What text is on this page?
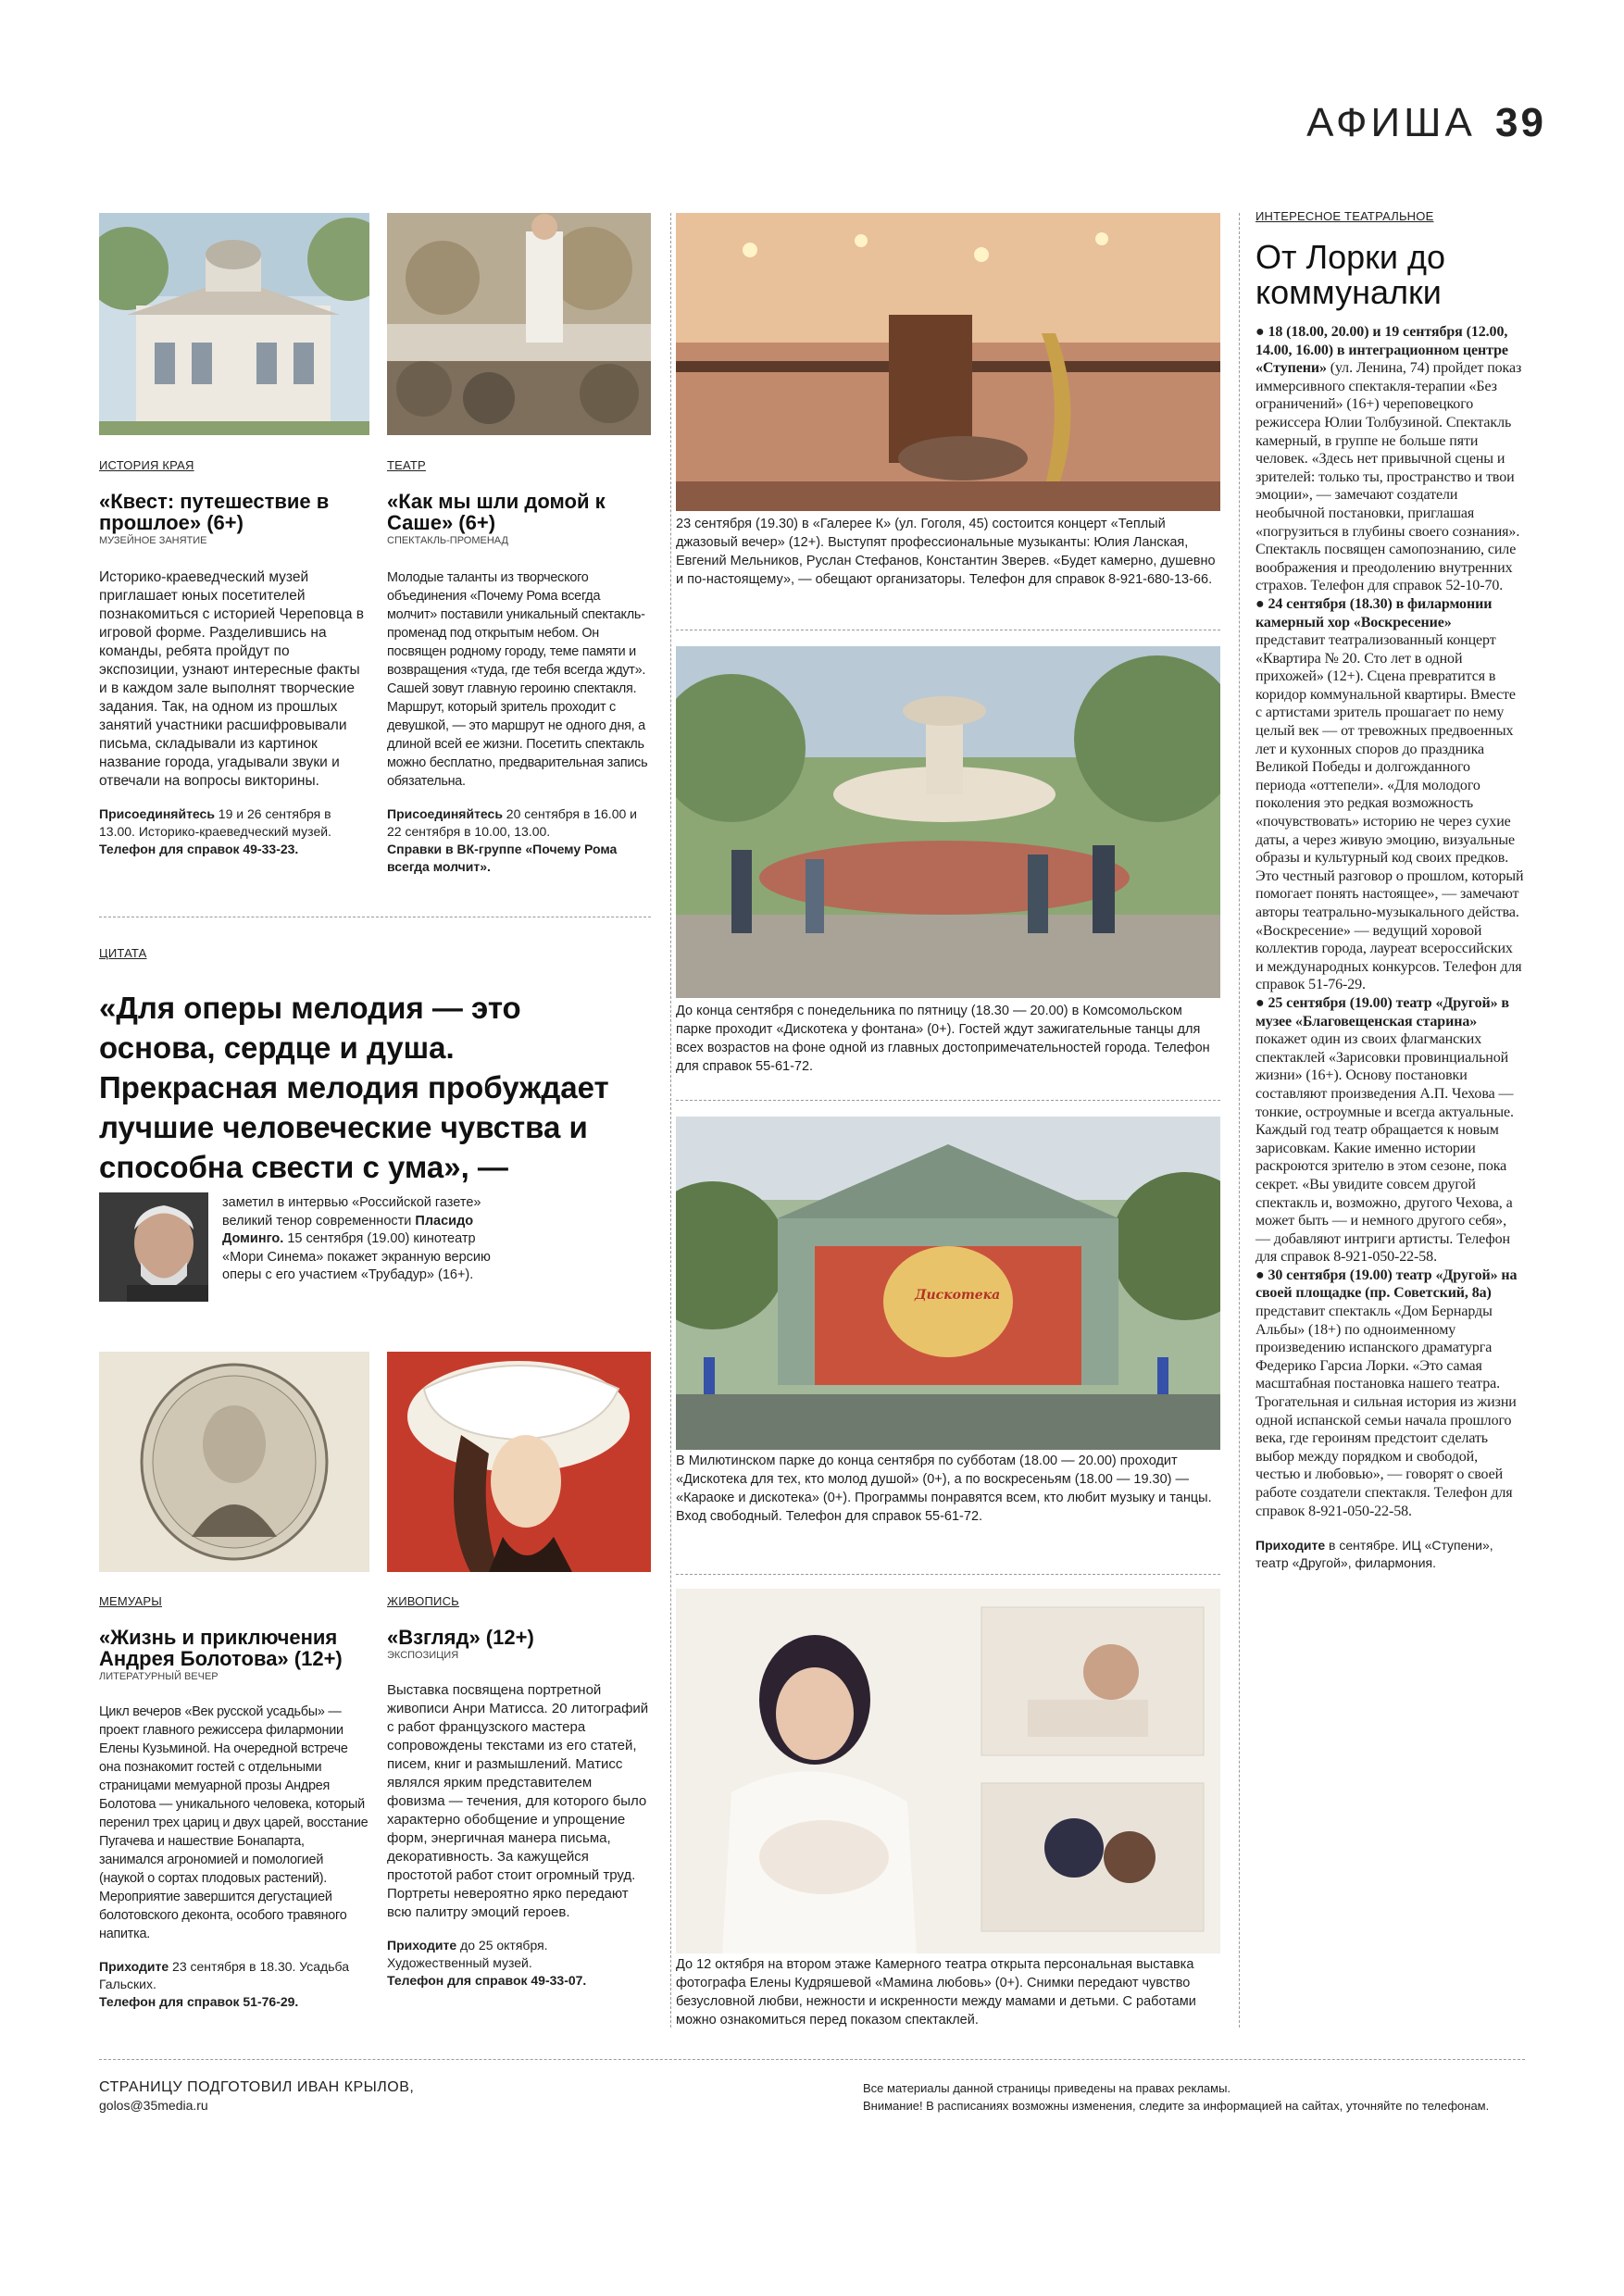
АФИША 39
ИСТОРИЯ КРАЯ
«Квест: путешествие в прошлое» (6+)
МУЗЕЙНОЕ ЗАНЯТИЕ
Историко-краеведческий музей приглашает юных посетителей познакомиться с историей Череповца в игровой форме. Разделившись на команды, ребята пройдут по экспозиции, узнают интересные факты и в каждом зале выполнят творческие задания. Так, на одном из прошлых занятий участники расшифровывали письма, складывали из картинок название города, угадывали звуки и отвечали на вопросы викторины.
Присоединяйтесь 19 и 26 сентября в 13.00. Историко-краеведческий музей.
Телефон для справок 49-33-23.
ТЕАТР
«Как мы шли домой к Саше» (6+)
СПЕКТАКЛЬ-ПРОМЕНАД
Молодые таланты из творческого объединения «Почему Рома всегда молчит» поставили уникальный спектакль-променад под открытым небом. Он посвящен родному городу, теме памяти и возвращения «туда, где тебя всегда ждут». Сашей зовут главную героиню спектакля. Маршрут, который зритель проходит с девушкой, — это маршрут не одного дня, а длиной всей ее жизни. Посетить спектакль можно бесплатно, предварительная запись обязательна.
Присоединяйтесь 20 сентября в 16.00 и 22 сентября в 10.00, 13.00.
Справки в ВК-группе «Почему Рома всегда молчит».
ЦИТАТА
«Для оперы мелодия — это основа, сердце и душа. Прекрасная мелодия пробуждает лучшие человеческие чувства и способна свести с ума», —
заметил в интервью «Российской газете» великий тенор современности Пласидо Доминго. 15 сентября (19.00) кинотеатр «Мори Синема» покажет экранную версию оперы с его участием «Трубадур» (16+).
МЕМУАРЫ
«Жизнь и приключения Андрея Болотова» (12+)
ЛИТЕРАТУРНЫЙ ВЕЧЕР
Цикл вечеров «Век русской усадьбы» — проект главного режиссера филармонии Елены Кузьминой. На очередной встрече она познакомит гостей с отдельными страницами мемуарной прозы Андрея Болотова — уникального человека, который перенил трех цариц и двух царей, восстание Пугачева и нашествие Бонапарта, занимался агрономией и помологией (наукой о сортах плодовых растений). Мероприятие завершится дегустацией болотовского деконта, особого травяного напитка.
Приходите 23 сентября в 18.30. Усадьба Гальских.
Телефон для справок 51-76-29.
ЖИВОПИСЬ
«Взгляд» (12+)
ЭКСПОЗИЦИЯ
Выставка посвящена портретной живописи Анри Матисса. 20 литографий с работ французского мастера сопровождены текстами из его статей, писем, книг и размышлений. Матисс являлся ярким представителем фовизма — течения, для которого было характерно обобщение и упрощение форм, энергичная манера письма, декоративность. За кажущейся простотой работ стоит огромный труд. Портреты невероятно ярко передают всю палитру эмоций героев.
Приходите до 25 октября. Художественный музей.
Телефон для справок 49-33-07.
23 сентября (19.30) в «Галерее К» (ул. Гоголя, 45) состоится концерт «Теплый джазовый вечер» (12+). Выступят профессиональные музыканты: Юлия Ланская, Евгений Мельников, Руслан Стефанов, Константин Зверев. «Будет камерно, душевно и по-настоящему», — обещают организаторы. Телефон для справок 8-921-680-13-66.
До конца сентября с понедельника по пятницу (18.30 — 20.00) в Комсомольском парке проходит «Дискотека у фонтана» (0+). Гостей ждут зажигательные танцы для всех возрастов на фоне одной из главных достопримечательностей города. Телефон для справок 55-61-72.
Дискотека
В Милютинском парке до конца сентября по субботам (18.00 — 20.00) проходит «Дискотека для тех, кто молод душой» (0+), а по воскресеньям (18.00 — 19.30) — «Караоке и дискотека» (0+). Программы понравятся всем, кто любит музыку и танцы. Вход свободный. Телефон для справок 55-61-72.
До 12 октября на втором этаже Камерного театра открыта персональная выставка фотографа Елены Кудряшевой «Мамина любовь» (0+). Снимки передают чувство безусловной любви, нежности и искренности между мамами и детьми. С работами можно ознакомиться перед показом спектаклей.
ИНТЕРЕСНОЕ ТЕАТРАЛЬНОЕ
От Лорки до коммуналки
● 18 (18.00, 20.00) и 19 сентября (12.00, 14.00, 16.00) в интеграционном центре «Ступени» (ул. Ленина, 74) пройдет показ иммерсивного спектакля-терапии «Без ограничений» (16+) череповецкого режиссера Юлии Толбузиной. Спектакль камерный, в группе не больше пяти человек. «Здесь нет привычной сцены и зрителей: только ты, пространство и твои эмоции», — замечают создатели необычной постановки, приглашая «погрузиться в глубины своего сознания». Спектакль посвящен самопознанию, силе воображения и преодолению внутренних страхов. Телефон для справок 52-10-70.
● 24 сентября (18.30) в филармонии камерный хор «Воскресение» представит театрализованный концерт «Квартира № 20. Сто лет в одной прихожей» (12+). Сцена превратится в коридор коммунальной квартиры. Вместе с артистами зритель прошагает по нему целый век — от тревожных предвоенных лет и кухонных споров до праздника Великой Победы и долгожданного периода «оттепели». «Для молодого поколения это редкая возможность «почувствовать» историю не через сухие даты, а через живую эмоцию, визуальные образы и культурный код своих предков. Это честный разговор о прошлом, который помогает понять настоящее», — замечают авторы театрально-музыкального действа. «Воскресение» — ведущий хоровой коллектив города, лауреат всероссийских и международных конкурсов. Телефон для справок 51-76-29.
● 25 сентября (19.00) театр «Другой» в музее «Благовещенская старина» покажет один из своих флагманских спектаклей «Зарисовки провинциальной жизни» (16+). Основу постановки составляют произведения А.П. Чехова — тонкие, остроумные и всегда актуальные. Каждый год театр обращается к новым зарисовкам. Какие именно истории раскроются зрителю в этом сезоне, пока секрет. «Вы увидите совсем другой спектакль и, возможно, другого Чехова, а может быть — и немного другого себя», — добавляют интриги артисты. Телефон для справок 8-921-050-22-58.
● 30 сентября (19.00) театр «Другой» на своей площадке (пр. Советский, 8а) представит спектакль «Дом Бернарды Альбы» (18+) по одноименному произведению испанского драматурга Федерико Гарсиа Лорки. «Это самая масштабная постановка нашего театра. Трогательная и сильная история из жизни одной испанской семьи начала прошлого века, где героиням предстоит сделать выбор между порядком и свободой, честью и любовью», — говорят о своей работе создатели спектакля. Телефон для справок 8-921-050-22-58.
Приходите в сентябре. ИЦ «Ступени», театр «Другой», филармония.
СТРАНИЦУ ПОДГОТОВИЛ ИВАН КРЫЛОВ,
golos@35media.ru
Все материалы данной страницы приведены на правах рекламы.
Внимание! В расписаниях возможны изменения, следите за информацией на сайтах, уточняйте по телефонам.
